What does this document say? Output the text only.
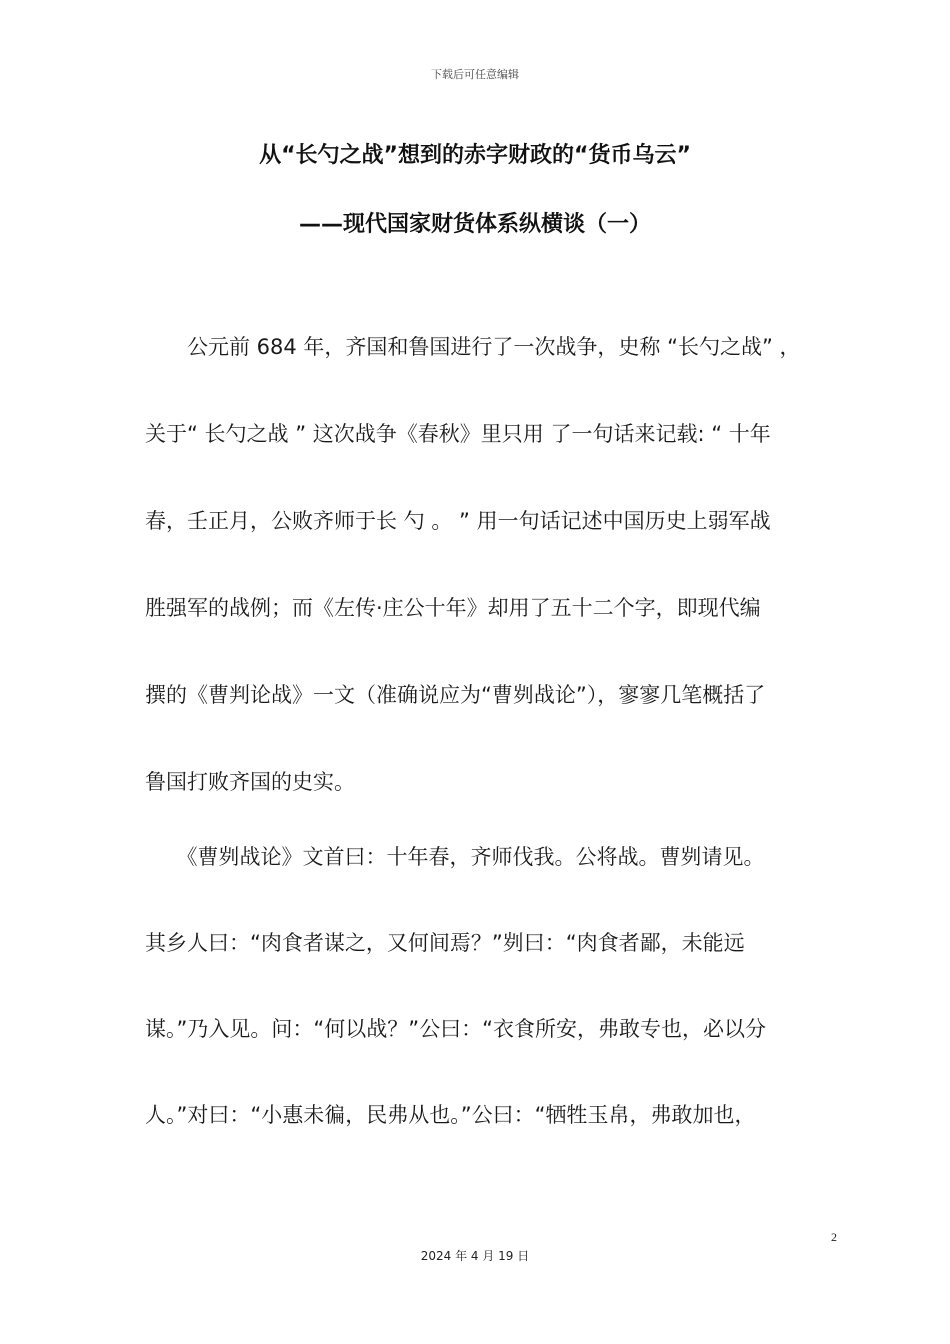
下载后可任意编辑
从“长勺之战”想到的赤字财政的“货币乌云”
——现代国家财货体系纵横谈（一）
　　公元前 684 年，齐国和鲁国进行了一次战争，史称 “长勺之战” ，
关于“ 长勺之战 ” 这次战争《春秋》里只用 了一句话来记载: “ 十年
春，壬正月，公败齐师于长 勺 。 ” 用一句话记述中国历史上弱军战
胜强军的战例；而《左传·庄公十年》却用了五十二个字，即现代编
撰的《曹判论战》一文（准确说应为“曹刿战论”），寥寥几笔概括了
鲁国打败齐国的史实。
　　《曹刿战论》文首曰：十年春，齐师伐我。公将战。曹刿请见。
其乡人曰：“肉食者谋之，又何间焉？”刿曰：“肉食者鄙，未能远
谋。”乃入见。问：“何以战？”公曰：“衣食所安，弗敢专也，必以分
人。”对曰：“小惠未徧，民弗从也。”公曰：“牺牲玉帛，弗敢加也，
2
2024 年 4 月 19 日
